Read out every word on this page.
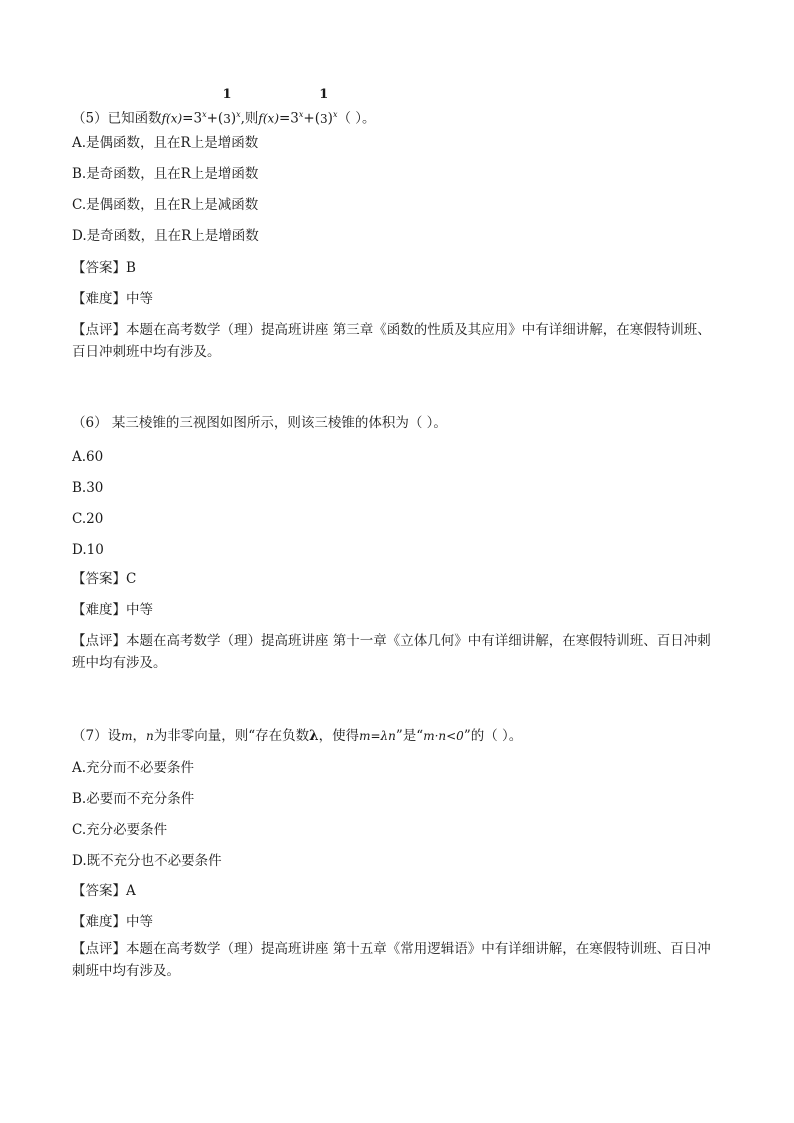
（5）已知函数$f(x)=3^x+$(
1
3)$^x$,则$f(x)=3^x+$(
1
3)$^x$（ ）。
A.是偶函数，且在R上是增函数
B.是奇函数，且在R上是增函数
C.是偶函数，且在R上是减函数
D.是奇函数，且在R上是增函数
【答案】B
【难度】中等
【点评】本题在高考数学（理）提高班讲座 第三章《函数的性质及其应用》中有详细讲解，在寒假特训班、百日冲刺班中均有涉及。
（6） 某三棱锥的三视图如图所示，则该三棱锥的体积为（ ）。
A.60
B.30
C.20
D.10
【答案】C
【难度】中等
【点评】本题在高考数学（理）提高班讲座 第十一章《立体几何》中有详细讲解，在寒假特训班、百日冲刺班中均有涉及。
（7）设m，n为非零向量，则“存在负数λ，使得m=λn”是“m·n<0”的（ ）。
A.充分而不必要条件
B.必要而不充分条件
C.充分必要条件
D.既不充分也不必要条件
【答案】A
【难度】中等
【点评】本题在高考数学（理）提高班讲座 第十五章《常用逻辑语》中有详细讲解，在寒假特训班、百日冲刺班中均有涉及。
